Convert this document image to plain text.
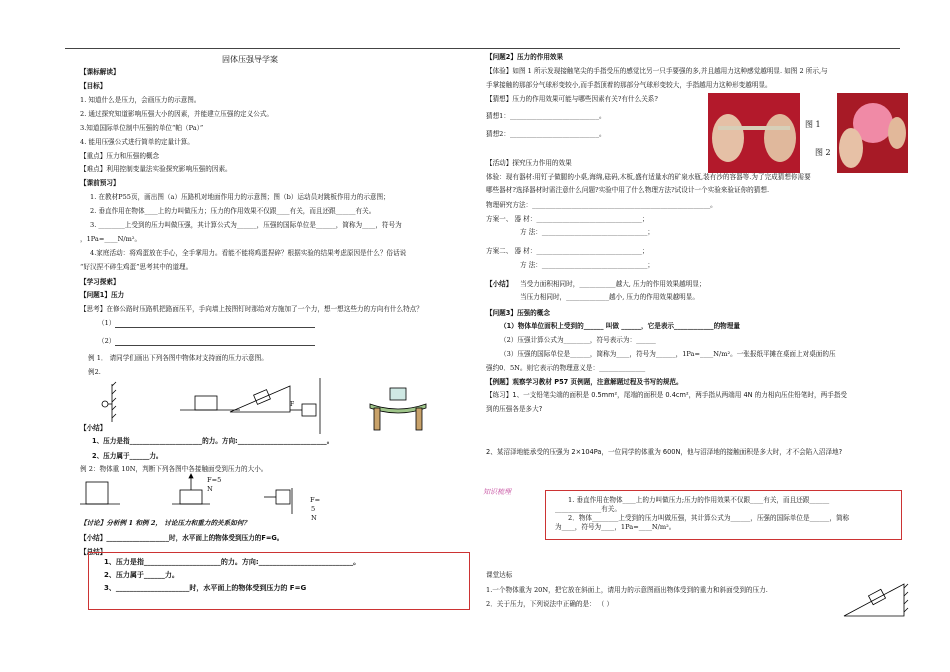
固体压强导学案
【课标解读】
【目标】
1. 知道什么是压力，会画压力的示意图。
2. 通过探究知道影响压强大小的因素，并能建立压强的定义公式。
3.知道国际单位制中压强的单位“帕（Pa）”
4. 能用压强公式进行简单的定量计算。
【重点】压力和压强的概念
【难点】利用控制变量法实验探究影响压强的因素。
【课前预习】
1. 在教材P55页，画出图（a）压路机对地面作用力的示意图；图（b）运动员对跳板作用力的示意图；
2. 垂直作用在物体____上的力叫做压力；压力的作用效果不仅跟____有关，而且还跟______有关。
3. ________上受到的压力叫做压强，其计算公式为______，压强的国际单位是______，简称为____，符号为
，1Pa=____N/m²。
4.家庭活动：将鸡蛋放在手心，全手掌用力。看能不能将鸡蛋捏碎？根据实验的结果考虑原因是什么？俗话说
“好汉捏不碎生鸡蛋”思考其中的道理。
【学习探索】
【问题1】压力
【思考】在修公路时压路机把路面压平，手向墙上按图钉时那给对方施加了一个力，想一想这些力的方向有什么特点？
（1）
（2）
例 1． 请同学们画出下列各图中物体对支持面的压力示意图。
例2.
F
【小结】
1、压力是指______________________的力。方向:___________________________。
2、压力属于______力。
例 2：物体重 10N，判断下列各图中各接触面受到压力的大小。
F=5
N
F=
5
N
【讨论】分析例 1 和例 2， 讨论压力和重力的关系如何？
【小结】___________________时，水平面上的物体受到压力的F=G。
【总结】
1、压力是指______________________的力。方向:___________________________。
2、压力属于______力。
3、_____________________时，水平面上的物体受到压力的 F=G
【问题2】压力的作用效果
【体验】如图 1 所示发现接触笔尖的手指受压的感觉比另一只手要强的多,并且越用力这种感觉越明显. 如图 2 所示,与
手掌接触的那部分气球形变较小,而手指顶着的那部分气球形变较大，手指越用力这种形变越明显。
【猜想】压力的作用效果可能与哪些因素有关?有什么关系?
猜想1：___________________________。
猜想2：___________________________。
图 1
图 2
【活动】探究压力作用的效果
体验：现有器材:用钉子做腿的小桌,海绵,砝码,木板,盛有适量水的矿泉水瓶,装有沙的容器等.为了完成猜想你需要
哪些器材?选择器材时需注意什么问题?实验中用了什么物理方法?试设计一个实验来验证你的猜想.
物理研究方法：______________________________________________________。
方案一、 器 材：________________________________；
方 法：________________________________；
方案二、 器 材：________________________________；
方 法：________________________________；
【小结】 当受力面积相同时，___________越大, 压力的作用效果越明显；
当压力相同时，_____________越小, 压力的作用效果越明显。
【问题3】压强的概念
（1）物体单位面积上受到的______ 叫做 ______，它是表示____________的物理量
（2）压强计算公式为________，符号表示为：______
（3）压强的国际单位是______，简称为____，符号为______，1Pa=____N/m²。一张报纸平摊在桌面上对桌面的压
强约0．5N。则它表示的物理意义是：______________
【例题】观察学习教材 P57 页例题，注意解题过程及书写的规范。
【练习】1、一支铅笔尖端的面积是 0.5mm²，尾端的面积是 0.4cm²，两手指从两端用 4N 的力相向压住铅笔时，两手指受
到的压强各是多大?
2、某沼泽地能承受的压强为 2×104Pa，一位同学的体重为 600N，他与沼泽地的接触面积是多大时，才不会陷入沼泽地?
知识梳理
1. 垂直作用在物体____上的力叫做压力;压力的作用效果不仅跟____有关，而且还跟______
______________有关。
2．物体________上受到的压力叫做压强，其计算公式为______，压强的国际单位是______，简称
为____，符号为____，1Pa=____N/m²。
课堂达标
1.一个物体重为 20N，把它放在斜面上，请用力的示意图画出物体受到的重力和斜面受到的压力.
2．关于压力，下列说法中正确的是： （ ）
